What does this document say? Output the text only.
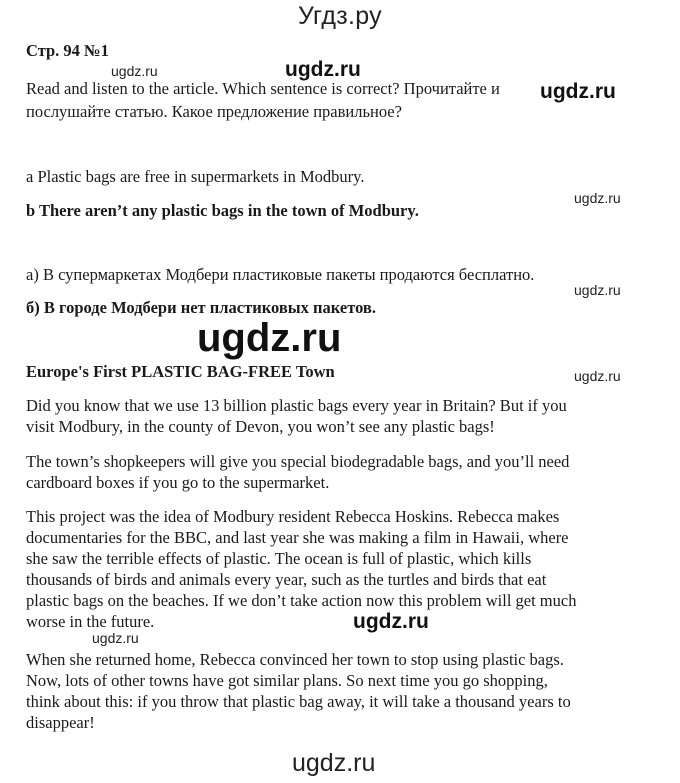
Угдз.ру
Стр. 94 №1
Read and listen to the article. Which sentence is correct? Прочитайте и
послушайте статью. Какое предложение правильное?
a Plastic bags are free in supermarkets in Modbury.
b There aren’t any plastic bags in the town of Modbury.
а) В супермаркетах Модбери пластиковые пакеты продаются бесплатно.
б) В городе Модбери нет пластиковых пакетов.
Europe's First PLASTIC BAG-FREE Town
Did you know that we use 13 billion plastic bags every year in Britain? But if you
visit Modbury, in the county of Devon, you won’t see any plastic bags!
The town’s shopkeepers will give you special biodegradable bags, and you’ll need
cardboard boxes if you go to the supermarket.
This project was the idea of Modbury resident Rebecca Hoskins. Rebecca makes
documentaries for the BBC, and last year she was making a film in Hawaii, where
she saw the terrible effects of plastic. The ocean is full of plastic, which kills
thousands of birds and animals every year, such as the turtles and birds that eat
plastic bags on the beaches. If we don’t take action now this problem will get much
worse in the future.
When she returned home, Rebecca convinced her town to stop using plastic bags.
Now, lots of other towns have got similar plans. So next time you go shopping,
think about this: if you throw that plastic bag away, it will take a thousand years to
disappear!
ugdz.ru	ugdz.ru
ugdz.ru
ugdz.ru
ugdz.ru
ugdz.ru
ugdz.ru
ugdz.ru
ugdz.ru
ugdz.ru
